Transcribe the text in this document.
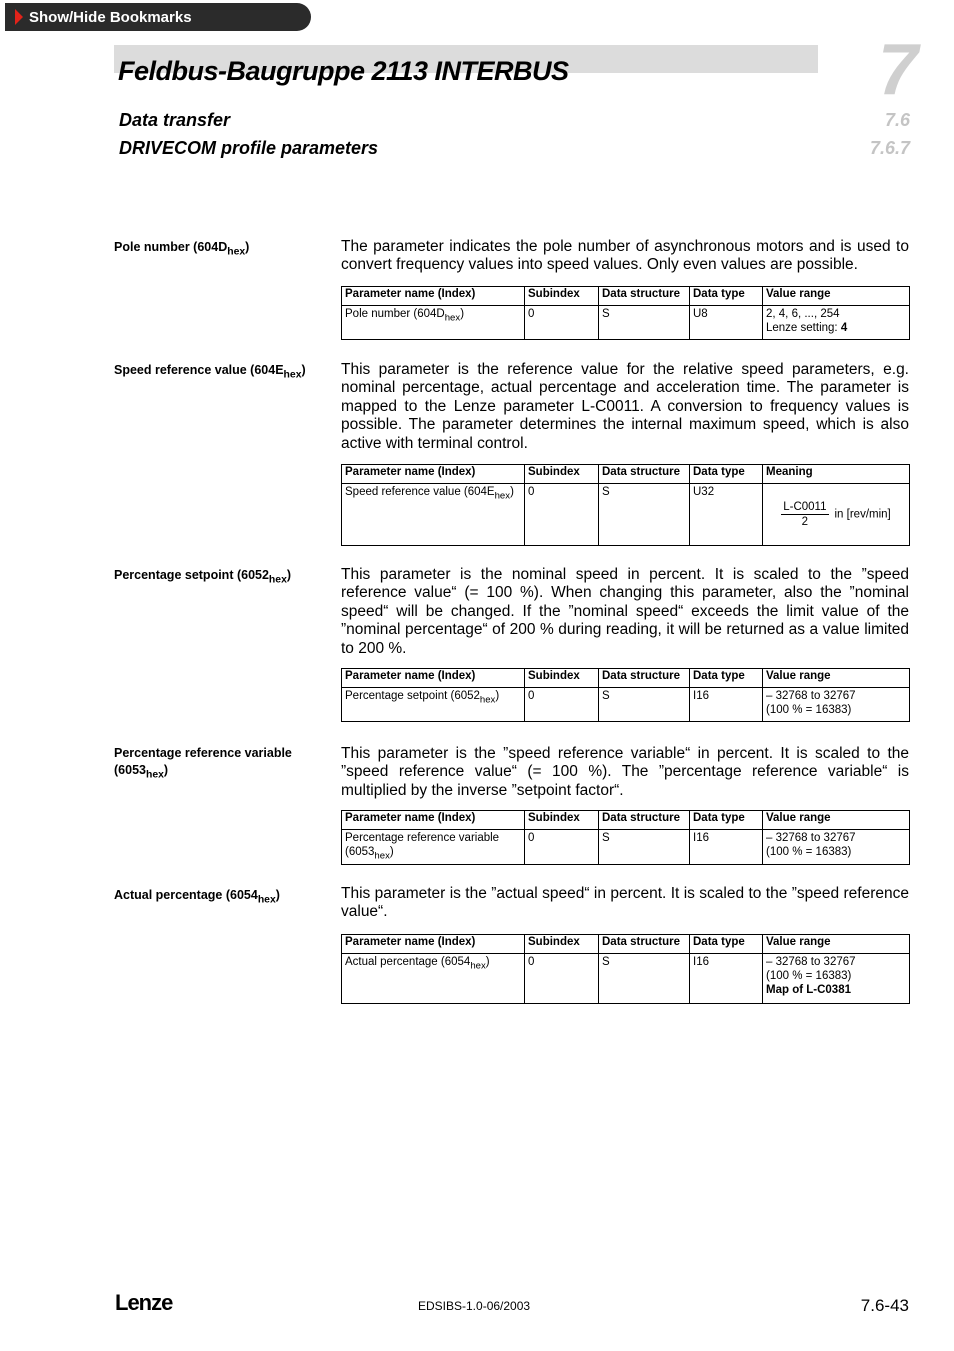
Show/Hide Bookmarks
Feldbus-Baugruppe 2113 INTERBUS	7
Data transfer	7.6
DRIVECOM profile parameters	7.6.7
Pole number $(604D_{hex})$	The parameter indicates the pole number of asynchronous motors and is used to convert frequency values into speed values. Only even values are possible.

Parameter name (Index)	Subindex	Data structure	Data type	Value range
Pole number $(604D_{hex})$	0	S	U8	2, 4, 6, ..., 254
Lenze setting: 4
Speed reference value $(604E_{hex})$	This parameter is the reference value for the relative speed parameters, e.g. nominal percentage, actual percentage and acceleration time. The parameter is mapped to the Lenze parameter L-C0011. A conversion to frequency values is possible. The parameter determines the internal maximum speed, which is also active with terminal control.

Parameter name (Index)	Subindex	Data structure	Data type	Meaning
Speed reference value $(604E_{hex})$	0	S	U32	$\frac{L-C0011}{2}$ in [rev/min]
Percentage setpoint $(6052_{hex})$	This parameter is the nominal speed in percent. It is scaled to the ”speed reference value“ (= 100 %). When changing this parameter, also the ”nominal speed“ will be changed. If the ”nominal speed“ exceeds the limit value of the ”nominal percentage“ of 200 % during reading, it will be returned as a value limited to 200 %.

Parameter name (Index)	Subindex	Data structure	Data type	Value range
Percentage setpoint $(6052_{hex})$	0	S	I16	– 32768 to 32767
(100 % = 16383)
Percentage reference variable $(6053_{hex})$

This parameter is the ”speed reference variable“ in percent. It is scaled to the ”speed reference value“ (= 100 %). The ”percentage reference variable“ is multiplied by the inverse ”setpoint factor“.

Parameter name (Index)	Subindex	Data structure	Data type	Value range
Percentage reference variable $(6053_{hex})$	0	S	I16	– 32768 to 32767
(100 % = 16383)
Actual percentage $(6054_{hex})$	This parameter is the ”actual speed“ in percent. It is scaled to the ”speed reference value“.

Parameter name (Index)	Subindex	Data structure	Data type	Value range
Actual percentage $(6054_{hex})$	0	S	I16	– 32768 to 32767
(100 % = 16383)
Map of L-C0381
Lenze	EDSIBS-1.0-06/2003	7.6-43
